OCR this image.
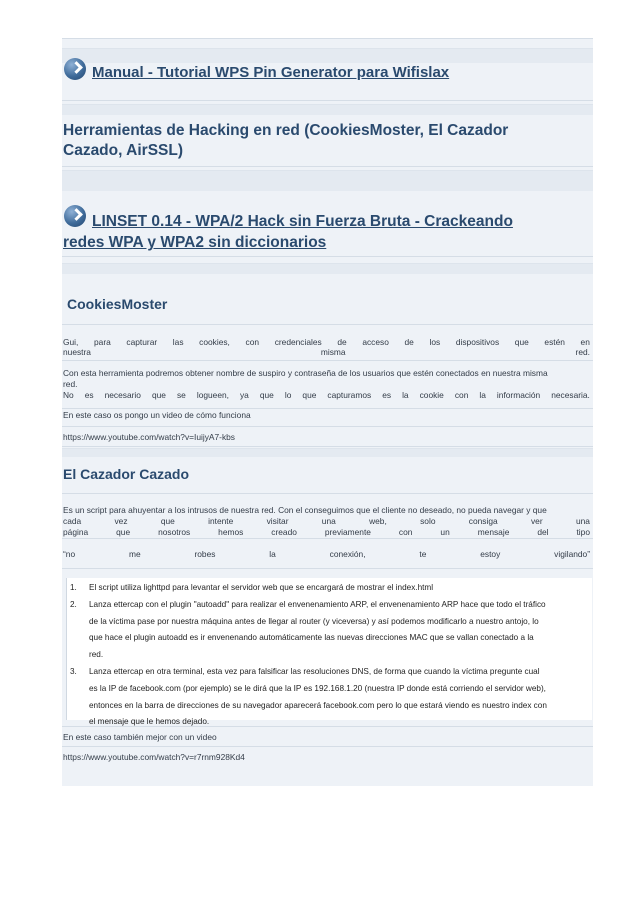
Manual - Tutorial WPS Pin Generator para Wifislax
Herramientas de Hacking en red (CookiesMoster, El Cazador
Cazado, AirSSL)
LINSET 0.14 - WPA/2 Hack sin Fuerza Bruta - Crackeando
redes WPA y WPA2 sin diccionarios
CookiesMoster
Gui, para capturar las cookies, con credenciales de acceso de los dispositivos que estén en
nuestra	misma	red.
Con esta herramienta podremos obtener nombre de suspiro y contraseña de los usuarios que estén conectados en nuestra misma
red.
No es necesario que se logueen, ya que lo que capturamos es la cookie con la información necesaria.
En este caso os pongo un video de cómo funciona
https://www.youtube.com/watch?v=IuijyA7-kbs
El Cazador Cazado
Es un script para ahuyentar a los intrusos de nuestra red. Con el conseguimos que el cliente no deseado, no pueda navegar y que
cada	vez	que	intente	visitar	una	web,	solo	consiga	ver	una
página	que	nosotros	hemos	creado	previamente	con	un	mensaje	del	tipo
“no	me	robes	la	conexión,	te	estoy	vigilando”
1. El script utiliza lighttpd para levantar el servidor web que se encargará de mostrar el index.html
2. Lanza ettercap con el plugin "autoadd" para realizar el envenenamiento ARP, el envenenamiento ARP hace que todo el tráfico
de la víctima pase por nuestra máquina antes de llegar al router (y viceversa) y así podemos modificarlo a nuestro antojo, lo
que hace el plugin autoadd es ir envenenando automáticamente las nuevas direcciones MAC que se vallan conectado a la
red.
3. Lanza ettercap en otra terminal, esta vez para falsificar las resoluciones DNS, de forma que cuando la víctima pregunte cual
es la IP de facebook.com (por ejemplo) se le dirá que la IP es 192.168.1.20 (nuestra IP donde está corriendo el servidor web),
entonces en la barra de direcciones de su navegador aparecerá facebook.com pero lo que estará viendo es nuestro index con
el mensaje que le hemos dejado.
En este caso también mejor con un video
https://www.youtube.com/watch?v=r7rnm928Kd4
